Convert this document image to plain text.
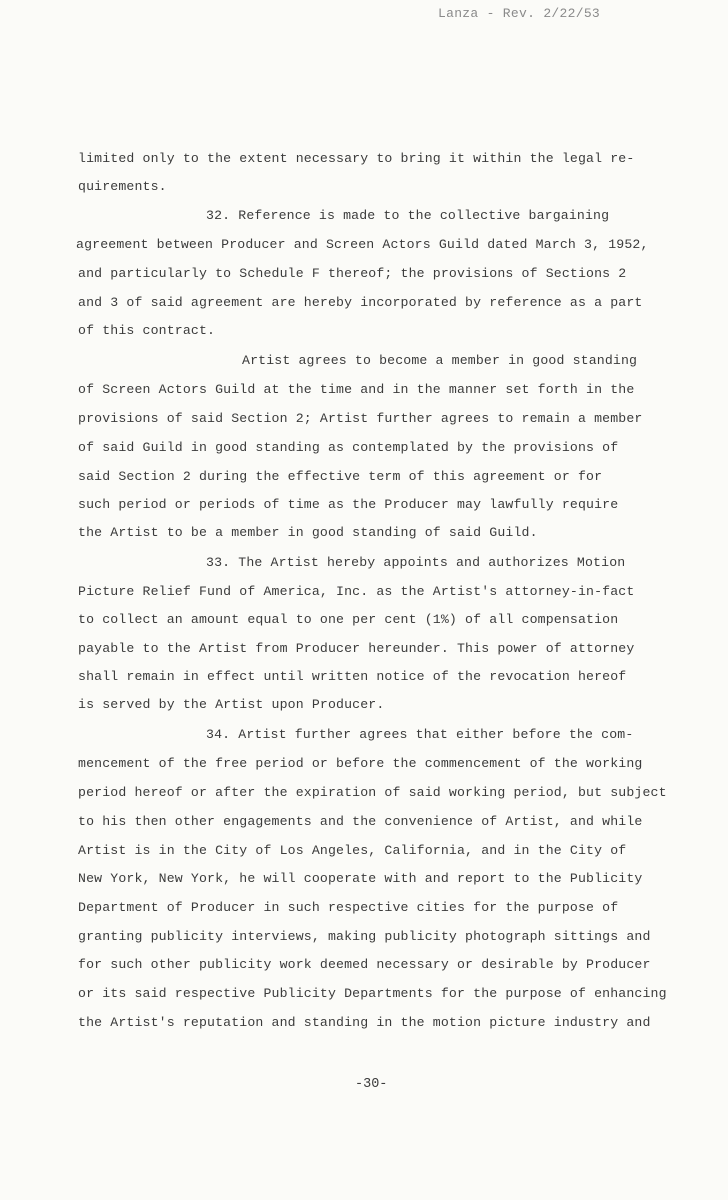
Lanza - Rev. 2/22/53
limited only to the extent necessary to bring it within the legal re-
quirements.
32. Reference is made to the collective bargaining
agreement between Producer and Screen Actors Guild dated March 3, 1952,
and particularly to Schedule F thereof; the provisions of Sections 2
and 3 of said agreement are hereby incorporated by reference as a part
of this contract.
Artist agrees to become a member in good standing
of Screen Actors Guild at the time and in the manner set forth in the
provisions of said Section 2; Artist further agrees to remain a member
of said Guild in good standing as contemplated by the provisions of
said Section 2 during the effective term of this agreement or for
such period or periods of time as the Producer may lawfully require
the Artist to be a member in good standing of said Guild.
33. The Artist hereby appoints and authorizes Motion
Picture Relief Fund of America, Inc. as the Artist's attorney-in-fact
to collect an amount equal to one per cent (1%) of all compensation
payable to the Artist from Producer hereunder. This power of attorney
shall remain in effect until written notice of the revocation hereof
is served by the Artist upon Producer.
34. Artist further agrees that either before the com-
mencement of the free period or before the commencement of the working
period hereof or after the expiration of said working period, but subject
to his then other engagements and the convenience of Artist, and while
Artist is in the City of Los Angeles, California, and in the City of
New York, New York, he will cooperate with and report to the Publicity
Department of Producer in such respective cities for the purpose of
granting publicity interviews, making publicity photograph sittings and
for such other publicity work deemed necessary or desirable by Producer
or its said respective Publicity Departments for the purpose of enhancing
the Artist's reputation and standing in the motion picture industry and
-30-
